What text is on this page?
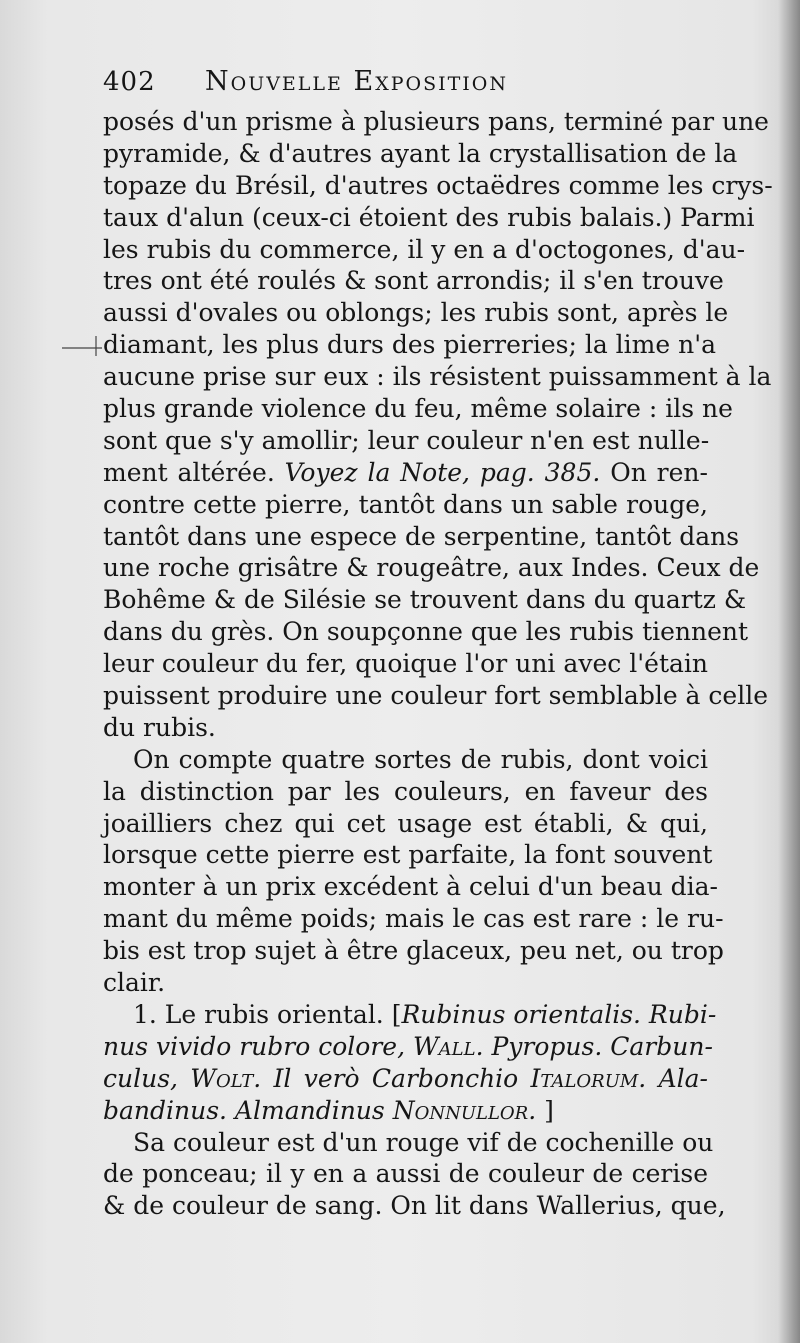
402	Nouvelle Exposition
posés d'un prisme à plusieurs pans, terminé par une
pyramide, & d'autres ayant la crystallisation de la
topaze du Brésil, d'autres octaëdres comme les crys-
taux d'alun (ceux-ci étoient des rubis balais.) Parmi
les rubis du commerce, il y en a d'octogones, d'au-
tres ont été roulés & sont arrondis; il s'en trouve
aussi d'ovales ou oblongs; les rubis sont, après le
diamant, les plus durs des pierreries; la lime n'a
aucune prise sur eux : ils résistent puissamment à la
plus grande violence du feu, même solaire : ils ne
sont que s'y amollir; leur couleur n'en est nulle-
ment altérée. Voyez la Note, pag. 385. On ren-
contre cette pierre, tantôt dans un sable rouge,
tantôt dans une espece de serpentine, tantôt dans
une roche grisâtre & rougeâtre, aux Indes. Ceux de
Bohême & de Silésie se trouvent dans du quartz &
dans du grès. On soupçonne que les rubis tiennent
leur couleur du fer, quoique l'or uni avec l'étain
puissent produire une couleur fort semblable à celle
du rubis.
On compte quatre sortes de rubis, dont voici
la distinction par les couleurs, en faveur des
joailliers chez qui cet usage est établi, & qui,
lorsque cette pierre est parfaite, la font souvent
monter à un prix excédent à celui d'un beau dia-
mant du même poids; mais le cas est rare : le ru-
bis est trop sujet à être glaceux, peu net, ou trop
clair.
1. Le rubis oriental. [Rubinus orientalis. Rubi-
nus vivido rubro colore, Wall. Pyropus. Carbun-
culus, Wolt. Il verò Carbonchio Italorum. Ala-
bandinus. Almandinus Nonnullor. ]
Sa couleur est d'un rouge vif de cochenille ou
de ponceau; il y en a aussi de couleur de cerise
& de couleur de sang. On lit dans Wallerius, que,
